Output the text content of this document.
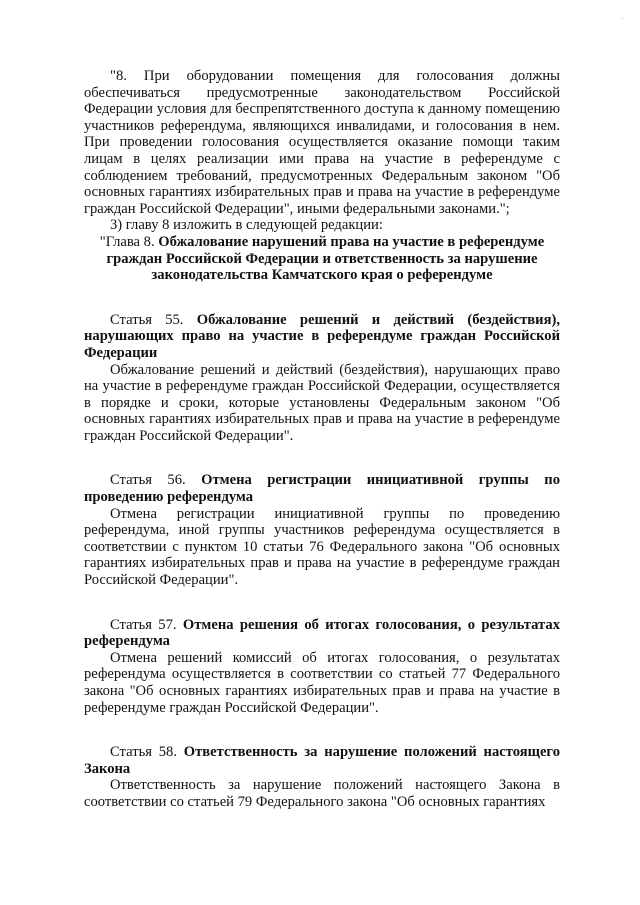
..

"8. При оборудовании помещения для голосования должны обеспечиваться предусмотренные законодательством Российской Федерации условия для беспрепятственного доступа к данному помещению участников референдума, являющихся инвалидами, и голосования в нем. При проведении голосования осуществляется оказание помощи таким лицам в целях реализации ими права на участие в референдуме с соблюдением требований, предусмотренных Федеральным законом "Об основных гарантиях избирательных прав и права на участие в референдуме граждан Российской Федерации", иными федеральными законами.";

3) главу 8 изложить в следующей редакции:

"Глава 8. Обжалование нарушений права на участие в референдуме граждан Российской Федерации и ответственность за нарушение законодательства Камчатского края о референдуме

Статья 55. Обжалование решений и действий (бездействия), нарушающих право на участие в референдуме граждан Российской Федерации

Обжалование решений и действий (бездействия), нарушающих право на участие в референдуме граждан Российской Федерации, осуществляется в порядке и сроки, которые установлены Федеральным законом "Об основных гарантиях избирательных прав и права на участие в референдуме граждан Российской Федерации".

Статья 56. Отмена регистрации инициативной группы по проведению референдума

Отмена регистрации инициативной группы по проведению референдума, иной группы участников референдума осуществляется в соответствии с пунктом 10 статьи 76 Федерального закона "Об основных гарантиях избирательных прав и права на участие в референдуме граждан Российской Федерации".

Статья 57. Отмена решения об итогах голосования, о результатах референдума

Отмена решений комиссий об итогах голосования, о результатах референдума осуществляется в соответствии со статьей 77 Федерального закона "Об основных гарантиях избирательных прав и права на участие в референдуме граждан Российской Федерации".

Статья 58. Ответственность за нарушение положений настоящего Закона

Ответственность за нарушение положений настоящего Закона в соответствии со статьей 79 Федерального закона "Об основных гарантиях
